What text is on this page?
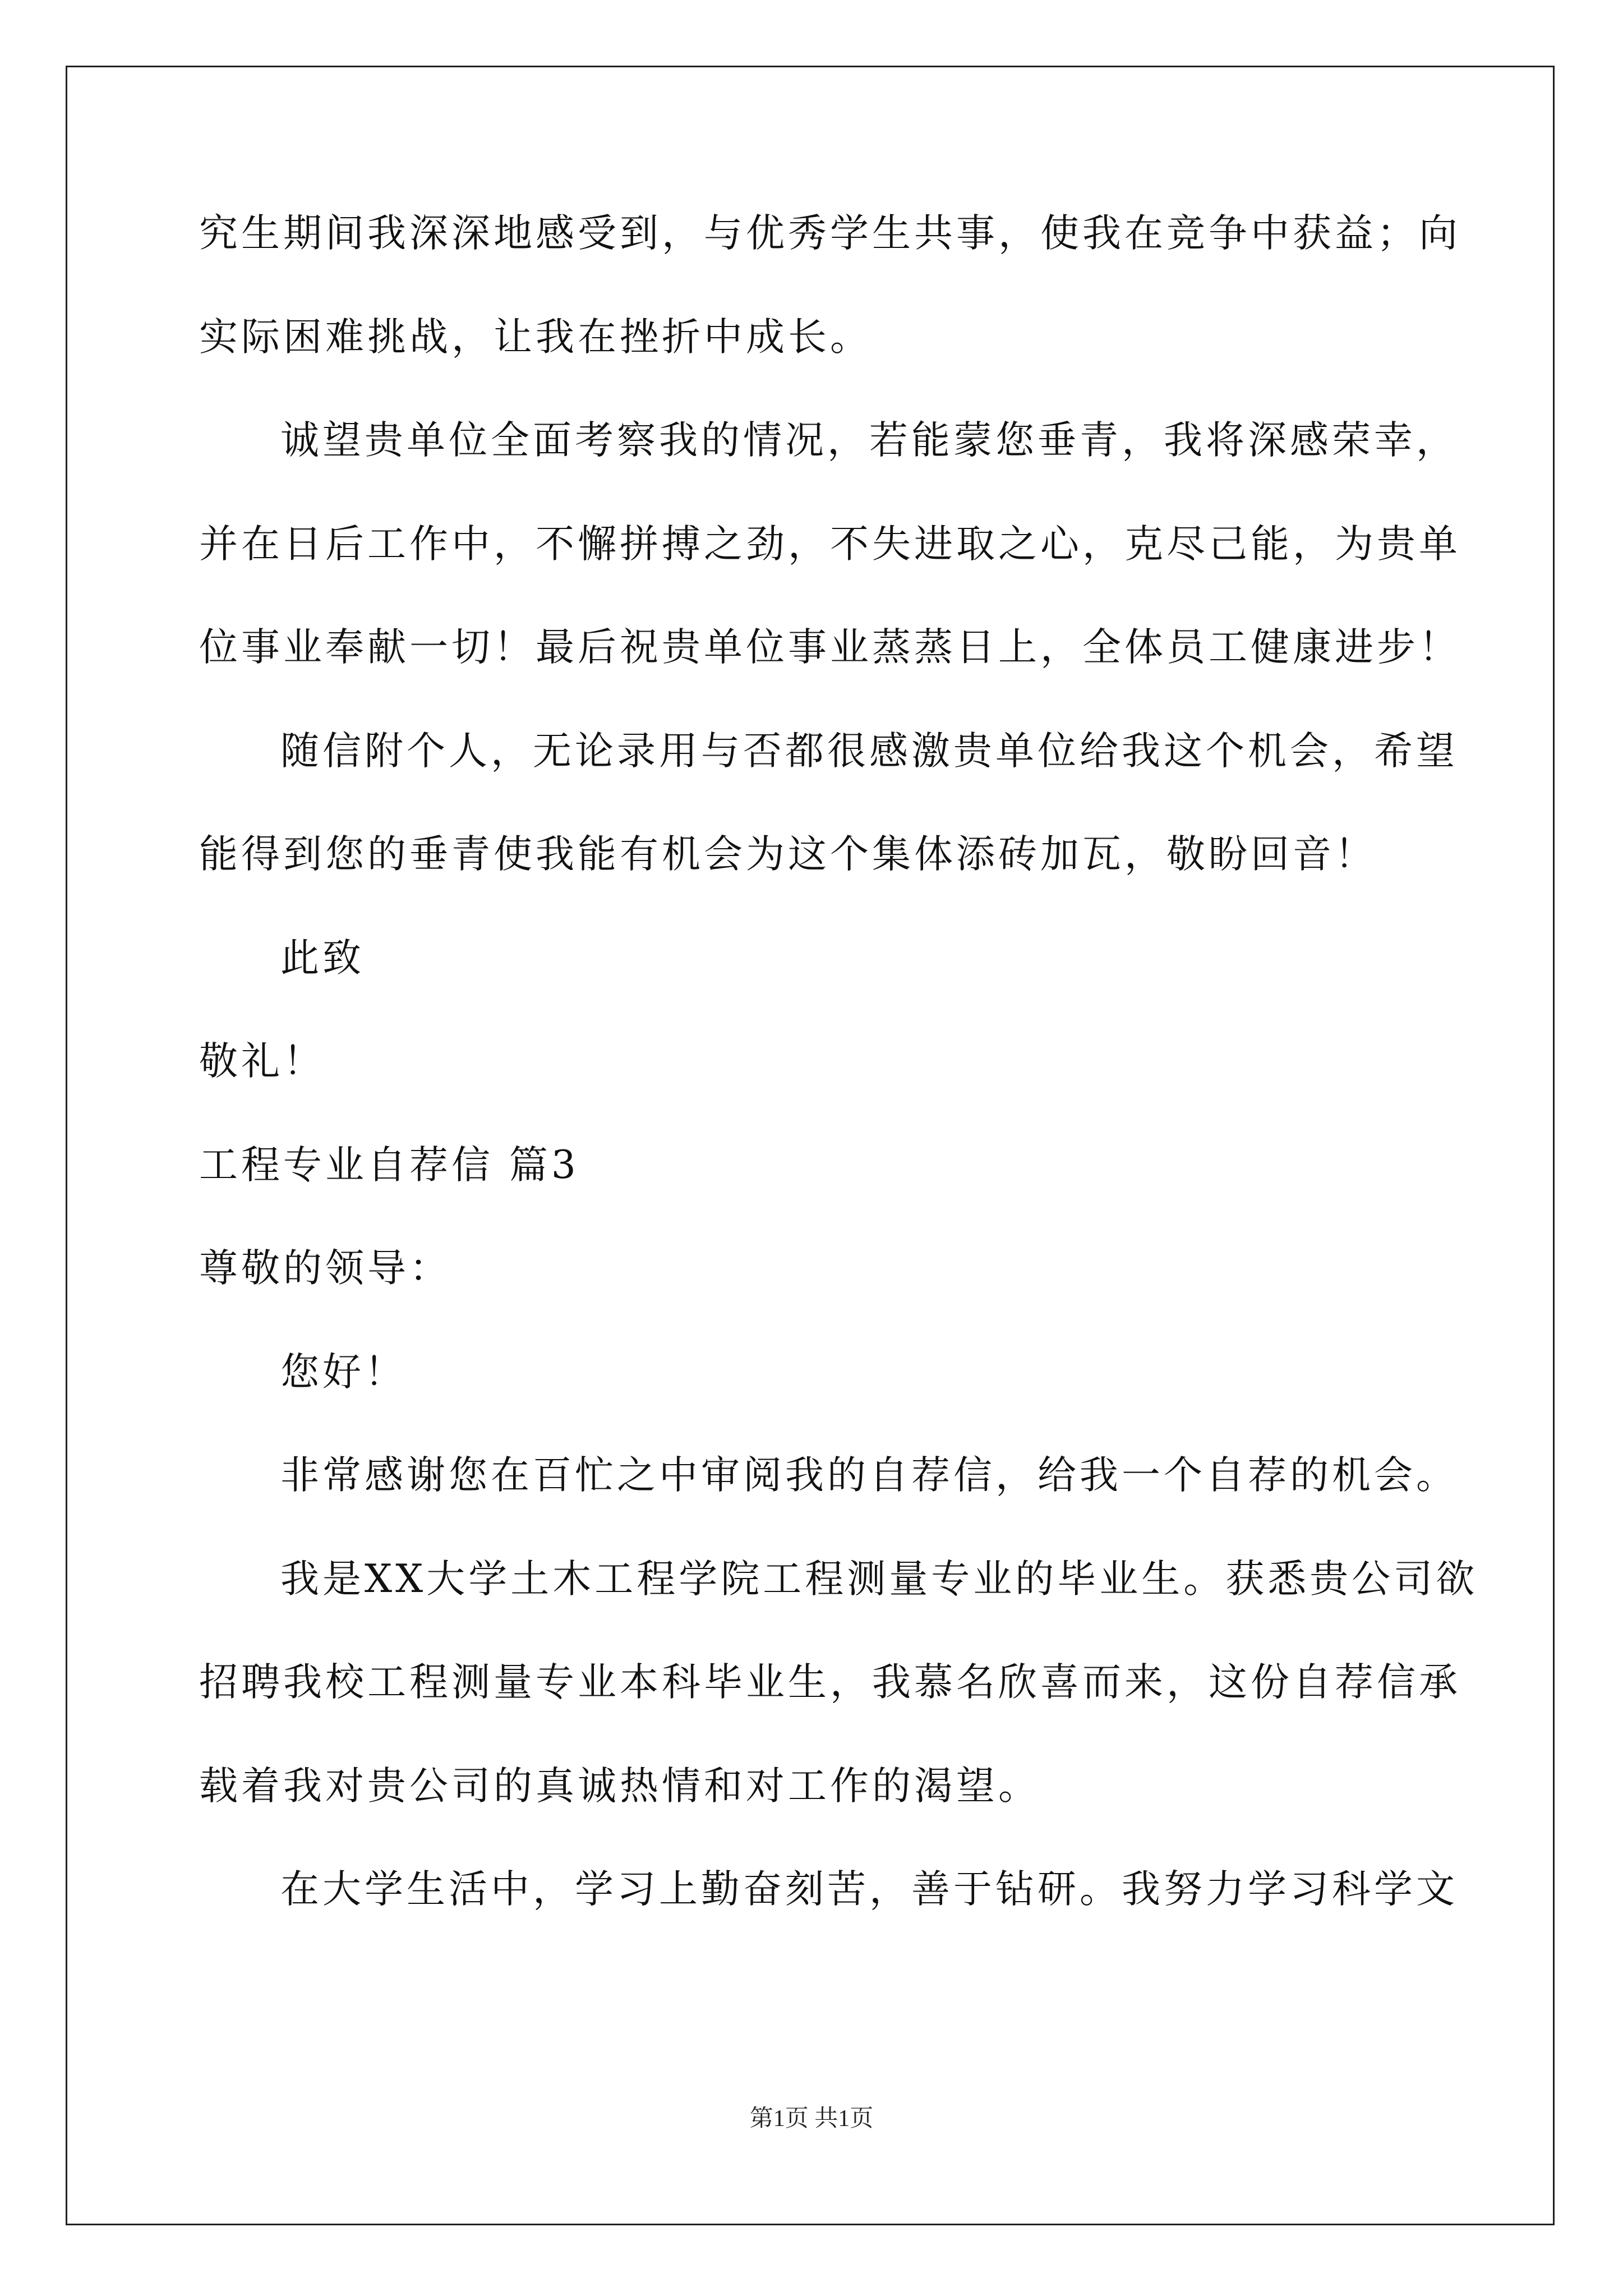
究生期间我深深地感受到，与优秀学生共事，使我在竞争中获益；向
实际困难挑战，让我在挫折中成长。
诚望贵单位全面考察我的情况，若能蒙您垂青，我将深感荣幸，
并在日后工作中，不懈拼搏之劲，不失进取之心，克尽己能，为贵单
位事业奉献一切！最后祝贵单位事业蒸蒸日上，全体员工健康进步！
随信附个人，无论录用与否都很感激贵单位给我这个机会，希望
能得到您的垂青使我能有机会为这个集体添砖加瓦，敬盼回音！
此致
敬礼！
工程专业自荐信 篇3
尊敬的领导：
您好！
非常感谢您在百忙之中审阅我的自荐信，给我一个自荐的机会。
我是XX大学土木工程学院工程测量专业的毕业生。获悉贵公司欲
招聘我校工程测量专业本科毕业生，我慕名欣喜而来，这份自荐信承
载着我对贵公司的真诚热情和对工作的渴望。
在大学生活中，学习上勤奋刻苦，善于钻研。我努力学习科学文
第1页 共1页
